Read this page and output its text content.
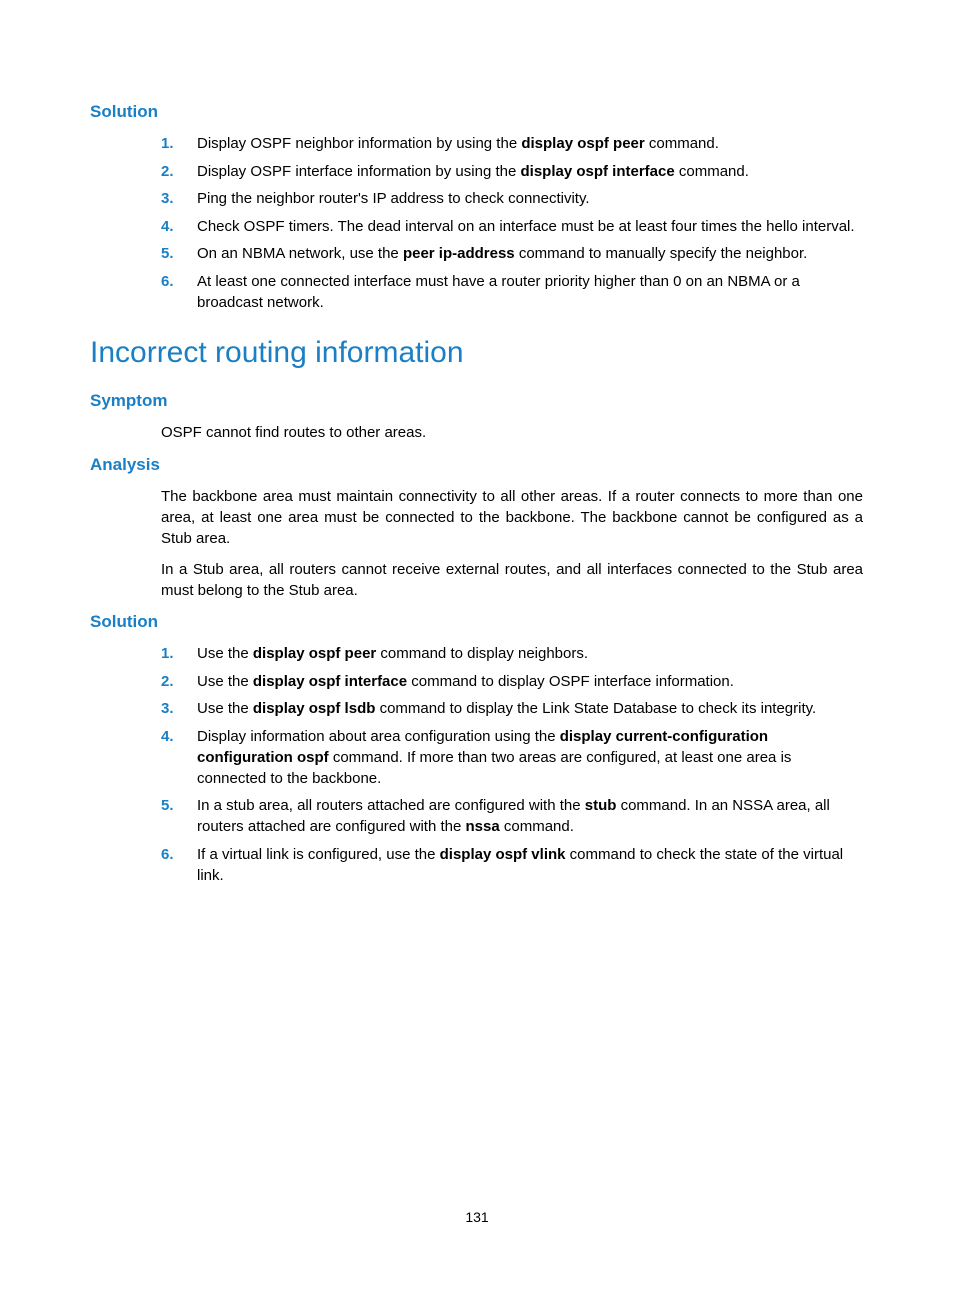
Solution
1. Display OSPF neighbor information by using the display ospf peer command.
2. Display OSPF interface information by using the display ospf interface command.
3. Ping the neighbor router's IP address to check connectivity.
4. Check OSPF timers. The dead interval on an interface must be at least four times the hello interval.
5. On an NBMA network, use the peer ip-address command to manually specify the neighbor.
6. At least one connected interface must have a router priority higher than 0 on an NBMA or a broadcast network.
Incorrect routing information
Symptom

OSPF cannot find routes to other areas.

Analysis

The backbone area must maintain connectivity to all other areas. If a router connects to more than one area, at least one area must be connected to the backbone. The backbone cannot be configured as a Stub area.

In a Stub area, all routers cannot receive external routes, and all interfaces connected to the Stub area must belong to the Stub area.

Solution
1. Use the display ospf peer command to display neighbors.
2. Use the display ospf interface command to display OSPF interface information.
3. Use the display ospf lsdb command to display the Link State Database to check its integrity.
4. Display information about area configuration using the display current-configuration configuration ospf command. If more than two areas are configured, at least one area is connected to the backbone.
5. In a stub area, all routers attached are configured with the stub command. In an NSSA area, all routers attached are configured with the nssa command.
6. If a virtual link is configured, use the display ospf vlink command to check the state of the virtual link.
131
